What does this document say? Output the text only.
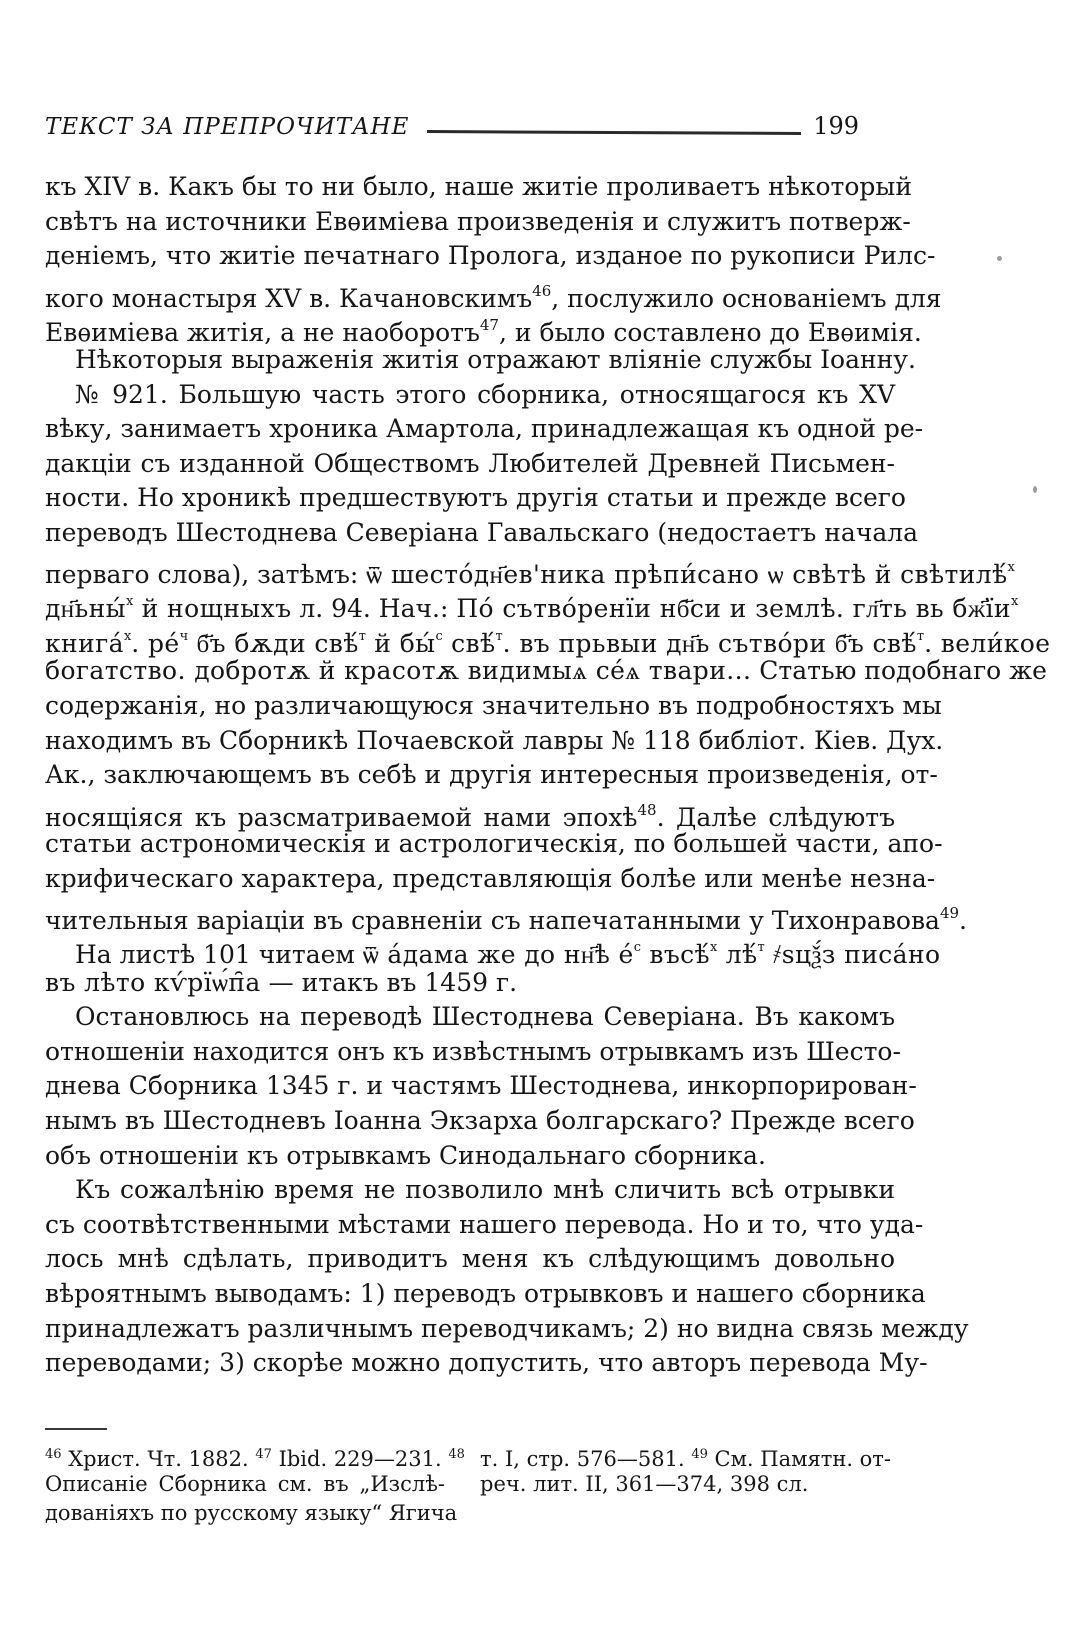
ТЕКСТ ЗА ПРЕПРОЧИТАНЕ	199
къ XIV в. Какъ бы то ни было, наше житіе проливаетъ нѣкоторый
свѣтъ на источники Евѳиміева произведенія и служитъ потверж-
деніемъ, что житіе печатнаго Пролога, изданое по рукописи Рилс-
кого монастыря XV в. Качановскимъ$^{46}$, послужило основаніемъ для
Евѳиміева житія, а не наоборотъ$^{47}$, и было составлено до Евѳимія.
Нѣкоторыя выраженія житія отражают вліяніе службы Іоанну.
№ 921. Большую часть этого сборника, относящагося къ XV
вѣку, занимаетъ хроника Амартола, принадлежащая къ одной ре-
дакціи съ изданной Обществомъ Любителей Древней Письмен-
ности. Но хроникѣ предшествуютъ другія статьи и прежде всего
переводъ Шестоднева Северіана Гавальскаго (недостаетъ начала
перваго слова), затѣмъ: ѿ шесто́дн҃ев'ника прѣпи́сано ѡ свѣтѣ й свѣтилѣ́$^х$
дн҃ьны́$^х$ й нощныхъ л. 94. Нач.: По́ сътво́ренїи нб҃си и землѣ. гл҃ть вь $бж҃їи^х$
книга́$^х$. ре́$^ч$ б҃ъ бѫди свѣ́$^т$ й бы́$^с$ свѣ́$^т$. въ прьвыи дн҃ь сътво́ри б҃ъ свѣ́$^т$. вели́кое
богатство. добротѫ й красотѫ видимыѧ се́ѧ твари... Статью подобнаго же
содержанія, но различающуюся значительно въ подробностяхъ мы
находимъ въ Сборникѣ Почаевской лавры № 118 библіот. Кіев. Дух.
Ак., заключающемъ въ себѣ и другія интересныя произведенія, от-
носящіяся къ разсматриваемой нами эпохѣ$^{48}$. Далѣе слѣдуютъ
статьи астрономическія и астрологическія, по большей части, апо-
крифическаго характера, представляющія болѣе или менѣе незна-
чительныя варіаціи въ сравненіи съ напечатанными у Тихонравова$^{49}$.
На листѣ 101 читаем ѿ а́дама же до нн҃ѣ е́$^с$ въсѣ́$^х$ лѣ́$^т$ ҂ѕцѯ́з писа́но
въ лѣто кѵ́рїѡ́п̑а — итакъ въ 1459 г.
Остановлюсь на переводѣ Шестоднева Северіана. Въ какомъ
отношеніи находится онъ къ извѣстнымъ отрывкамъ изъ Шесто-
днева Сборника 1345 г. и частямъ Шестоднева, инкорпорирован-
нымъ въ Шестодневъ Іоанна Экзарха болгарскаго? Прежде всего
объ отношеніи къ отрывкамъ Синодальнаго сборника.
Къ сожалѣнію время не позволило мнѣ сличить всѣ отрывки
съ соотвѣтственными мѣстами нашего перевода. Но и то, что уда-
лось мнѣ сдѣлать, приводитъ меня къ слѣдующимъ довольно
вѣроятнымъ выводамъ: 1) переводъ отрывковъ и нашего сборника
принадлежатъ различнымъ переводчикамъ; 2) но видна связь между
переводами; 3) скорѣе можно допустить, что авторъ перевода Му-
$^{46}$ Христ. Чт. 1882. $^{47}$ Ibid. 229—231. $^{48}$
Описаніе Сборника см. въ „Изслѣ-
дованіяхъ по русскому языку“ Ягича
т. I, стр. 576—581. $^{49}$ См. Памятн. от-
реч. лит. II, 361—374, 398 сл.
